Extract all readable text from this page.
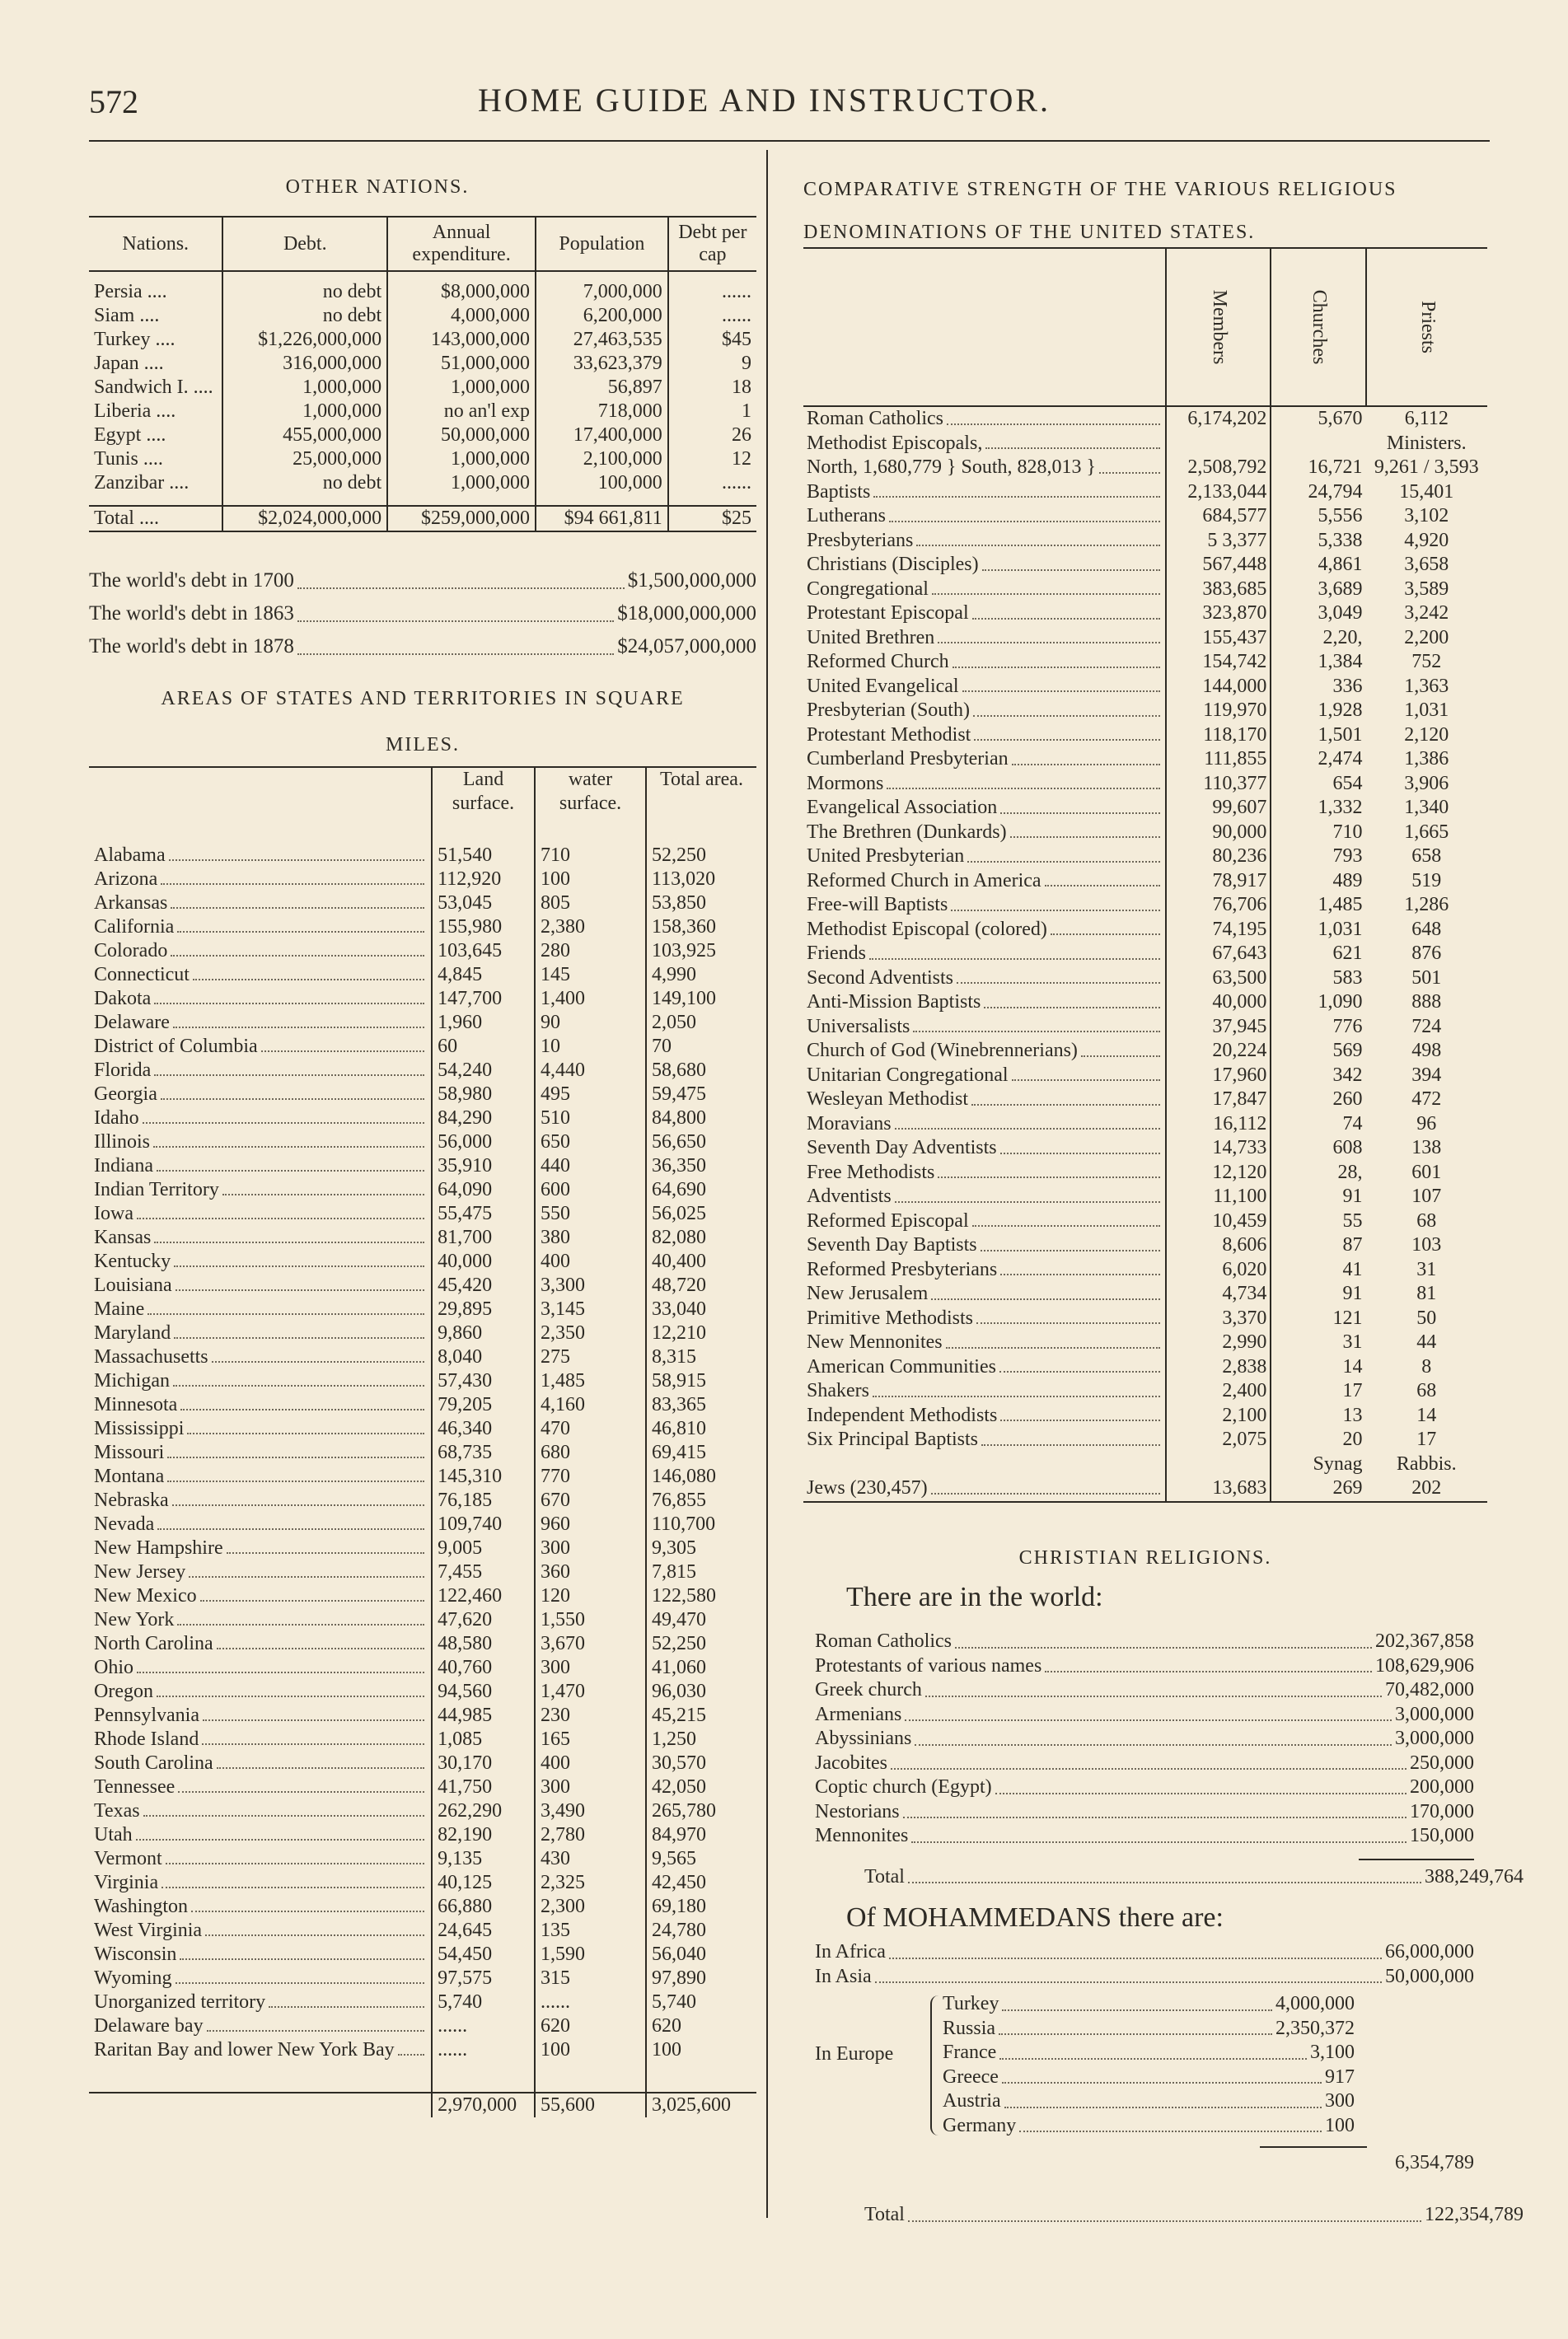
572	HOME GUIDE AND INSTRUCTOR.
OTHER NATIONS.
Nations.	Debt.	Annual expenditure.	Population	Debt per cap

Persia ....	no debt	$8,000,000	7,000,000	......
Siam ....	no debt	4,000,000	6,200,000	......
Turkey ....	$1,226,000,000	143,000,000	27,463,535	$45
Japan ....	316,000,000	51,000,000	33,623,379	9
Sandwich I. ....	1,000,000	1,000,000	56,897	18
Liberia ....	1,000,000	no an'l exp	718,000	1
Egypt ....	455,000,000	50,000,000	17,400,000	26
Tunis ....	25,000,000	1,000,000	2,100,000	12
Zanzibar ....	no debt	1,000,000	100,000	......

Total ....	$2,024,000,000	$259,000,000	$94 661,811	$25
The world's debt in 1700	$1,500,000,000
The world's debt in 1863	$18,000,000,000
The world's debt in 1878	$24,057,000,000
AREAS OF STATES AND TERRITORIES IN SQUARE MILES.
	Land surface.	water surface.	Total area.

Alabama	51,540	710	52,250

Arizona	112,920	100	113,020

Arkansas	53,045	805	53,850

California	155,980	2,380	158,360

Colorado	103,645	280	103,925

Connecticut	4,845	145	4,990

Dakota	147,700	1,400	149,100

Delaware	1,960	90	2,050

District of Columbia	60	10	70

Florida	54,240	4,440	58,680

Georgia	58,980	495	59,475

Idaho	84,290	510	84,800

Illinois	56,000	650	56,650

Indiana	35,910	440	36,350

Indian Territory	64,090	600	64,690

Iowa	55,475	550	56,025

Kansas	81,700	380	82,080

Kentucky	40,000	400	40,400

Louisiana	45,420	3,300	48,720

Maine	29,895	3,145	33,040

Maryland	9,860	2,350	12,210

Massachusetts	8,040	275	8,315

Michigan	57,430	1,485	58,915

Minnesota	79,205	4,160	83,365

Mississippi	46,340	470	46,810

Missouri	68,735	680	69,415

Montana	145,310	770	146,080

Nebraska	76,185	670	76,855

Nevada	109,740	960	110,700

New Hampshire	9,005	300	9,305

New Jersey	7,455	360	7,815

New Mexico	122,460	120	122,580

New York	47,620	1,550	49,470

North Carolina	48,580	3,670	52,250

Ohio	40,760	300	41,060

Oregon	94,560	1,470	96,030

Pennsylvania	44,985	230	45,215

Rhode Island	1,085	165	1,250

South Carolina	30,170	400	30,570

Tennessee	41,750	300	42,050

Texas	262,290	3,490	265,780

Utah	82,190	2,780	84,970

Vermont	9,135	430	9,565

Virginia	40,125	2,325	42,450

Washington	66,880	2,300	69,180

West Virginia	24,645	135	24,780

Wisconsin	54,450	1,590	56,040

Wyoming	97,575	315	97,890

Unorganized territory	5,740	......	5,740

Delaware bay	......	620	620

Raritan Bay and lower New York Bay	......	100	100

	2,970,000	55,600	3,025,600
COMPARATIVE STRENGTH OF THE VARIOUS RELIGIOUS DENOMINATIONS OF THE UNITED STATES.

	Members	Churches	Priests

Roman Catholics	6,174,202	5,670	6,112

Methodist Episcopals,			Ministers.

North, 1,680,779 } South, 828,013 }	2,508,792	16,721	9,261 / 3,593

Baptists	2,133,044	24,794	15,401

Lutherans	684,577	5,556	3,102

Presbyterians	5 3,377	5,338	4,920

Christians (Disciples)	567,448	4,861	3,658

Congregational	383,685	3,689	3,589

Protestant Episcopal	323,870	3,049	3,242

United Brethren	155,437	2,20,	2,200

Reformed Church	154,742	1,384	752

United Evangelical	144,000	336	1,363

Presbyterian (South)	119,970	1,928	1,031

Protestant Methodist	118,170	1,501	2,120

Cumberland Presbyterian	111,855	2,474	1,386

Mormons	110,377	654	3,906

Evangelical Association	99,607	1,332	1,340

The Brethren (Dunkards)	90,000	710	1,665

United Presbyterian	80,236	793	658

Reformed Church in America	78,917	489	519

Free-will Baptists	76,706	1,485	1,286

Methodist Episcopal (colored)	74,195	1,031	648

Friends	67,643	621	876

Second Adventists	63,500	583	501

Anti-Mission Baptists	40,000	1,090	888

Universalists	37,945	776	724

Church of God (Winebrennerians)	20,224	569	498

Unitarian Congregational	17,960	342	394

Wesleyan Methodist	17,847	260	472

Moravians	16,112	74	96

Seventh Day Adventists	14,733	608	138

Free Methodists	12,120	28,	601

Adventists	11,100	91	107

Reformed Episcopal	10,459	55	68

Seventh Day Baptists	8,606	87	103

Reformed Presbyterians	6,020	41	31

New Jerusalem	4,734	91	81

Primitive Methodists	3,370	121	50

New Mennonites	2,990	31	44

American Communities	2,838	14	8

Shakers	2,400	17	68

Independent Methodists	2,100	13	14

Six Principal Baptists	2,075	20	17

		Synag	Rabbis.

Jews (230,457)	13,683	269	202
CHRISTIAN RELIGIONS.
There are in the world:
Roman Catholics	202,367,858
Protestants of various names	108,629,906
Greek church	70,482,000
Armenians	3,000,000
Abyssinians	3,000,000
Jacobites	250,000
Coptic church (Egypt)	200,000
Nestorians	170,000
Mennonites	150,000
Total	388,249,764
Of MOHAMMEDANS there are:
In Africa	66,000,000
In Asia	50,000,000
In Europe
Turkey	4,000,000
Russia	2,350,372
France	3,100
Greece	917
Austria	300
Germany	100
6,354,789
Total	122,354,789
